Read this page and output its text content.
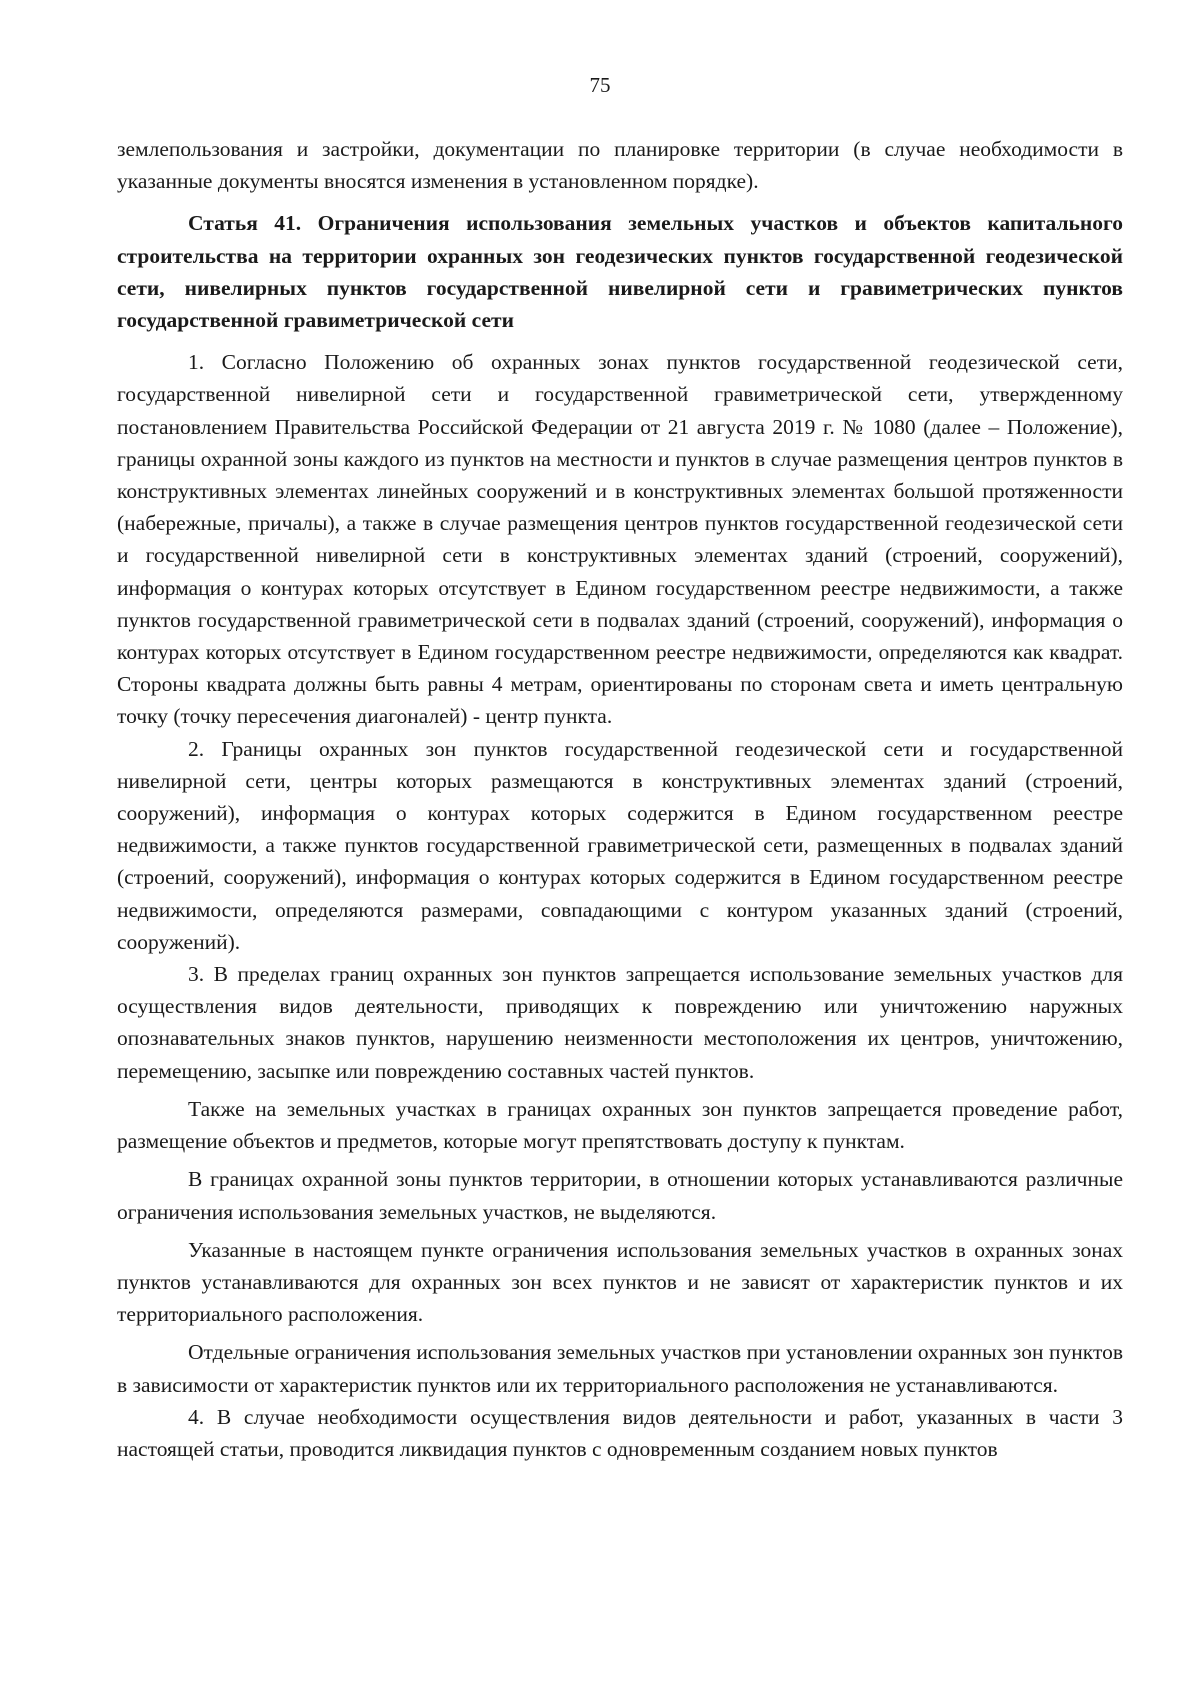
75

землепользования и застройки, документации по планировке территории (в случае необходимости в указанные документы вносятся изменения в установленном порядке).

Статья 41. Ограничения использования земельных участков и объектов капитального строительства на территории охранных зон геодезических пунктов государственной геодезической сети, нивелирных пунктов государственной нивелирной сети и гравиметрических пунктов государственной гравиметрической сети

1. Согласно Положению об охранных зонах пунктов государственной геодезической сети, государственной нивелирной сети и государственной гравиметрической сети, утвержденному постановлением Правительства Российской Федерации от 21 августа 2019 г. № 1080 (далее – Положение), границы охранной зоны каждого из пунктов на местности и пунктов в случае размещения центров пунктов в конструктивных элементах линейных сооружений и в конструктивных элементах большой протяженности (набережные, причалы), а также в случае размещения центров пунктов государственной геодезической сети и государственной нивелирной сети в конструктивных элементах зданий (строений, сооружений), информация о контурах которых отсутствует в Едином государственном реестре недвижимости, а также пунктов государственной гравиметрической сети в подвалах зданий (строений, сооружений), информация о контурах которых отсутствует в Едином государственном реестре недвижимости, определяются как квадрат. Стороны квадрата должны быть равны 4 метрам, ориентированы по сторонам света и иметь центральную точку (точку пересечения диагоналей) - центр пункта.

2. Границы охранных зон пунктов государственной геодезической сети и государственной нивелирной сети, центры которых размещаются в конструктивных элементах зданий (строений, сооружений), информация о контурах которых содержится в Едином государственном реестре недвижимости, а также пунктов государственной гравиметрической сети, размещенных в подвалах зданий (строений, сооружений), информация о контурах которых содержится в Едином государственном реестре недвижимости, определяются размерами, совпадающими с контуром указанных зданий (строений, сооружений).

3. В пределах границ охранных зон пунктов запрещается использование земельных участков для осуществления видов деятельности, приводящих к повреждению или уничтожению наружных опознавательных знаков пунктов, нарушению неизменности местоположения их центров, уничтожению, перемещению, засыпке или повреждению составных частей пунктов.

Также на земельных участках в границах охранных зон пунктов запрещается проведение работ, размещение объектов и предметов, которые могут препятствовать доступу к пунктам.

В границах охранной зоны пунктов территории, в отношении которых устанавливаются различные ограничения использования земельных участков, не выделяются.

Указанные в настоящем пункте ограничения использования земельных участков в охранных зонах пунктов устанавливаются для охранных зон всех пунктов и не зависят от характеристик пунктов и их территориального расположения.

Отдельные ограничения использования земельных участков при установлении охранных зон пунктов в зависимости от характеристик пунктов или их территориального расположения не устанавливаются.

4. В случае необходимости осуществления видов деятельности и работ, указанных в части 3 настоящей статьи, проводится ликвидация пунктов с одновременным созданием новых пунктов
